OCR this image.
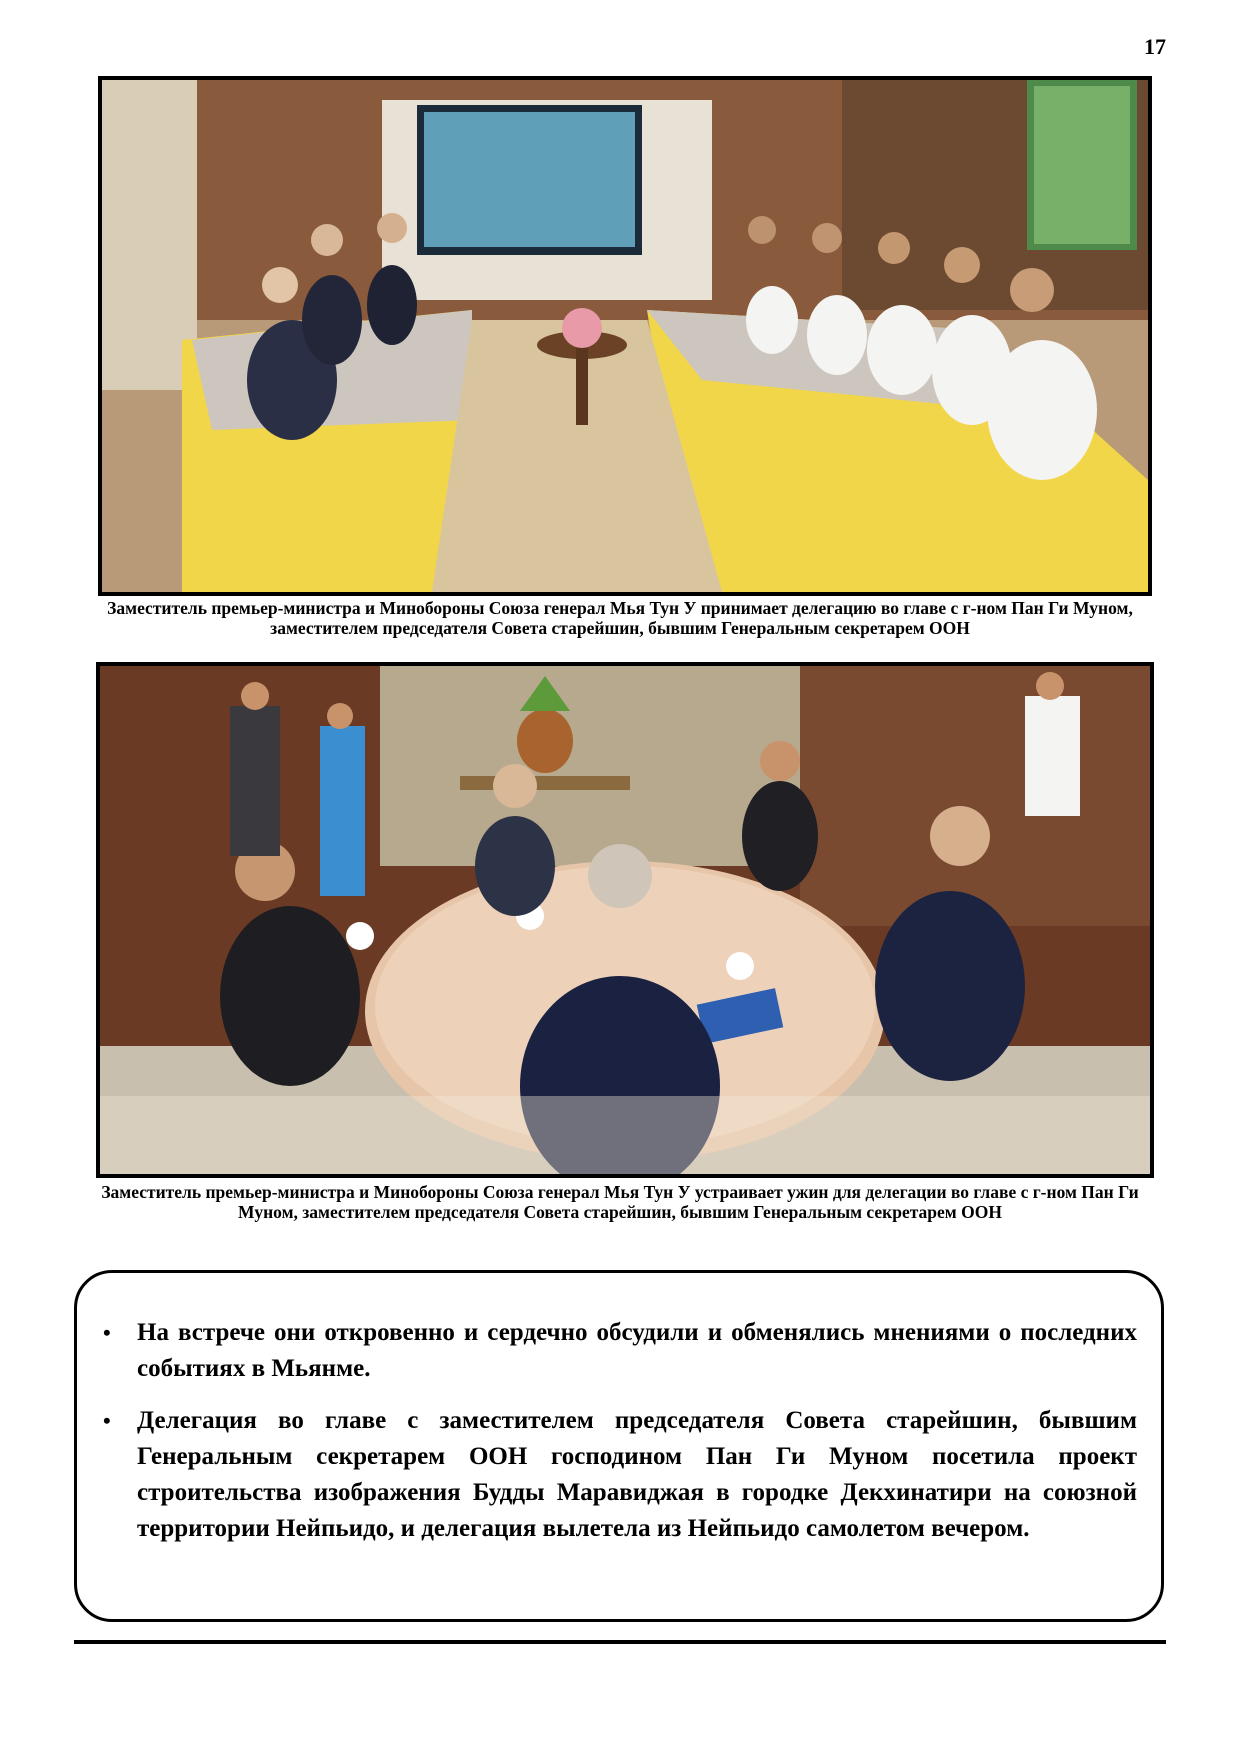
17
Заместитель премьер-министра и Минобороны Союза генерал Мья Тун У принимает делегацию во главе с г-ном Пан Ги Муном, заместителем председателя Совета старейшин, бывшим Генеральным секретарем ООН
Заместитель премьер-министра и Минобороны Союза генерал Мья Тун У устраивает ужин для делегации во главе с г-ном Пан Ги Муном, заместителем председателя Совета старейшин, бывшим Генеральным секретарем ООН
• На встрече они откровенно и сердечно обсудили и обменялись мнениями о последних событиях в Мьянме.
• Делегация во главе с заместителем председателя Совета старейшин, бывшим Генеральным секретарем ООН господином Пан Ги Муном посетила проект строительства изображения Будды Маравиджая в городке Декхинатири на союзной территории Нейпьидо, и делегация вылетела из Нейпьидо самолетом вечером.
